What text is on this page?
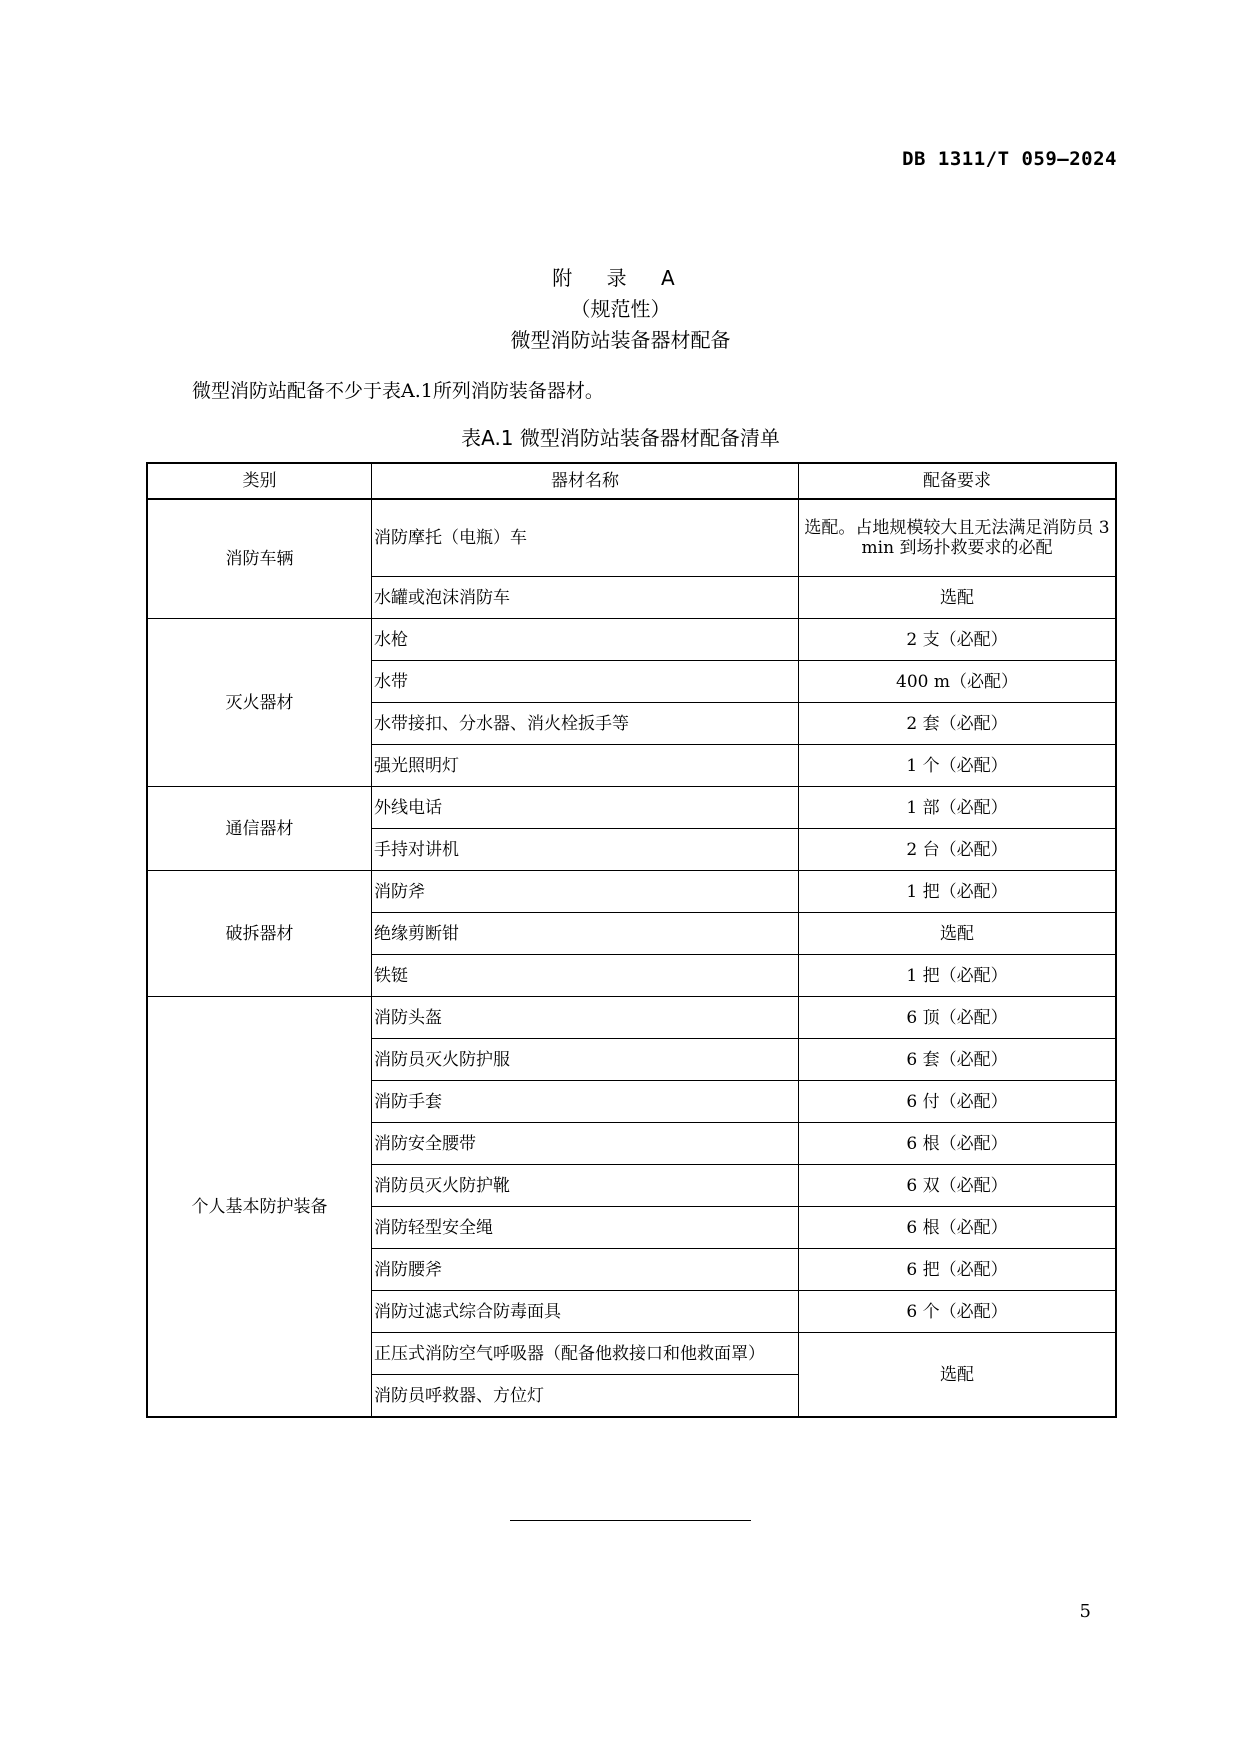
DB 1311/T 059—2024
附 录 A
（规范性）
微型消防站装备器材配备
微型消防站配备不少于表A.1所列消防装备器材。
表A.1 微型消防站装备器材配备清单
类别	器材名称	配备要求
消防车辆	消防摩托（电瓶）车	选配。占地规模较大且无法满足消防员 3 min 到场扑救要求的必配
	水罐或泡沫消防车	选配
灭火器材	水枪	2 支（必配）
	水带	400 m（必配）
	水带接扣、分水器、消火栓扳手等	2 套（必配）
	强光照明灯	1 个（必配）
通信器材	外线电话	1 部（必配）
	手持对讲机	2 台（必配）
破拆器材	消防斧	1 把（必配）
	绝缘剪断钳	选配
	铁铤	1 把（必配）
个人基本防护装备	消防头盔	6 顶（必配）
	消防员灭火防护服	6 套（必配）
	消防手套	6 付（必配）
	消防安全腰带	6 根（必配）
	消防员灭火防护靴	6 双（必配）
	消防轻型安全绳	6 根（必配）
	消防腰斧	6 把（必配）
	消防过滤式综合防毒面具	6 个（必配）
	正压式消防空气呼吸器（配备他救接口和他救面罩）	选配
	消防员呼救器、方位灯	
5
